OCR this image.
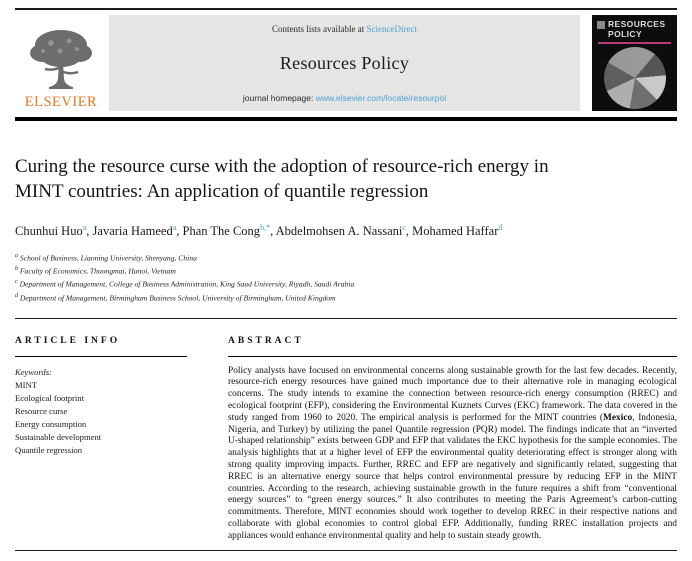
ELSEVIER
Contents lists available at ScienceDirect
Resources Policy
journal homepage: www.elsevier.com/locate/resourpol
RESOURCES
POLICY
Curing the resource curse with the adoption of resource-rich energy in
MINT countries: An application of quantile regression
Chunhui Huo$^a$, Javaria Hameed$^a$, Phan The Cong$^{b,*}$, Abdelmohsen A. Nassani$^c$, Mohamed Haffar$^d$
$^a$ School of Business, Liaoning University, Shenyang, China
$^b$ Faculty of Economics, Thuongmai, Hanoi, Vietnam
$^c$ Department of Management, College of Business Administration, King Saud University, Riyadh, Saudi Arabia
$^d$ Department of Management, Birmingham Business School, University of Birmingham, United Kingdom
ARTICLE INFO
Keywords:
MINT
Ecological footprint
Resource curse
Energy consumption
Sustainable development
Quantile regression
ABSTRACT
Policy analysts have focused on environmental concerns along sustainable growth for the last few decades. Recently, resource-rich energy resources have gained much importance due to their alternative role in managing ecological concerns. The study intends to examine the connection between resource-rich energy consumption (RREC) and ecological footprint (EFP), considering the Environmental Kuznets Curves (EKC) framework. The data covered in the study ranged from 1960 to 2020. The empirical analysis is performed for the MINT countries (Mexico, Indonesia, Nigeria, and Turkey) by utilizing the panel Quantile regression (PQR) model. The findings indicate that an “inverted U-shaped relationship” exists between GDP and EFP that validates the EKC hypothesis for the sample economies. The analysis highlights that at a higher level of EFP the environmental quality deteriorating effect is stronger along with strong quality improving impacts. Further, RREC and EFP are negatively and significantly related, suggesting that RREC is an alternative energy source that helps control environmental pressure by reducing EFP in the MINT countries. According to the research, achieving sustainable growth in the future requires a shift from “conventional energy sources” to “green energy sources.” It also contributes to meeting the Paris Agreement’s carbon-cutting commitments. Therefore, MINT economies should work together to develop RREC in their respective nations and collaborate with global economies to control global EFP. Additionally, funding RREC installation projects and appliances would enhance environmental quality and help to sustain steady growth.
